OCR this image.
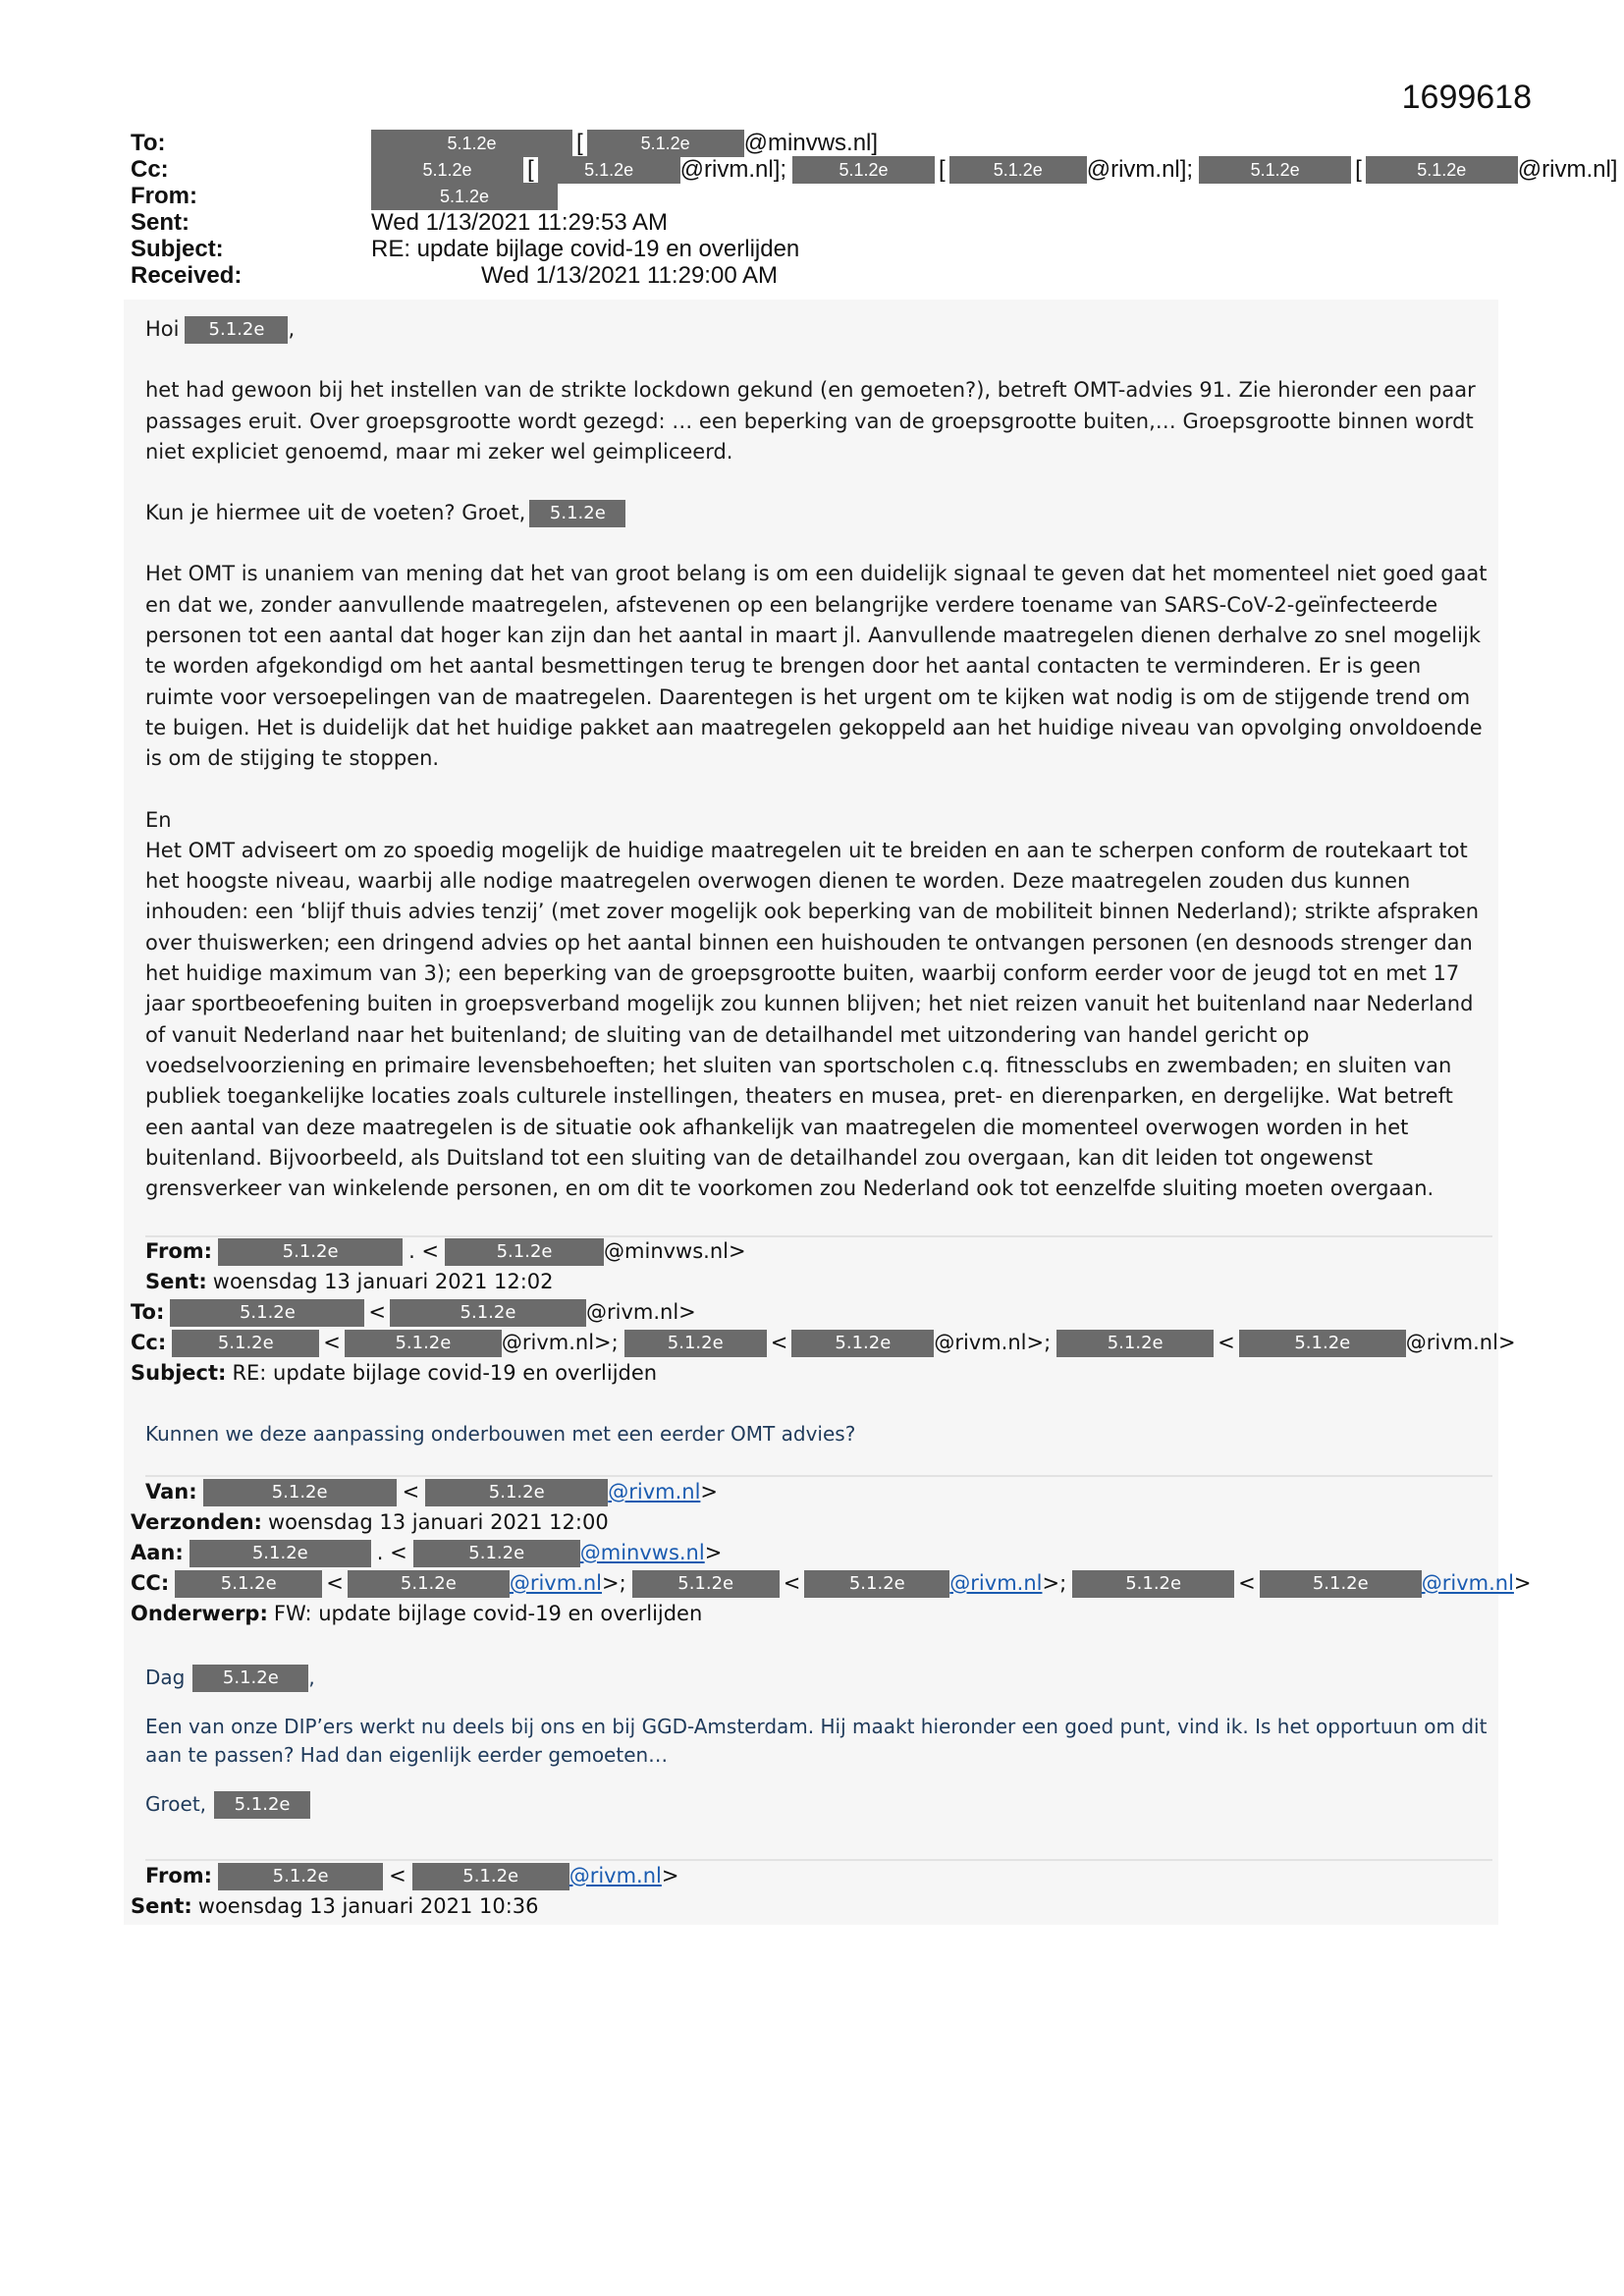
1699618
To:	5.1.2e	[	5.1.2e	@minvws.nl]
Cc:	5.1.2e	[	5.1.2e	@rivm.nl];	5.1.2e	[	5.1.2e	@rivm.nl];	5.1.2e	[	5.1.2e	@rivm.nl]
From:	5.1.2e
Sent:	Wed 1/13/2021 11:29:53 AM
Subject:	RE: update bijlage covid-19 en overlijden
Received:	Wed 1/13/2021 11:29:00 AM

Hoi	5.1.2e	,

het had gewoon bij het instellen van de strikte lockdown gekund (en gemoeten?), betreft OMT-advies 91. Zie hieronder een paar passages eruit. Over groepsgrootte wordt gezegd: … een beperking van de groepsgrootte buiten,… Groepsgrootte binnen wordt niet expliciet genoemd, maar mi zeker wel geimpliceerd.

Kun je hiermee uit de voeten? Groet,	5.1.2e

Het OMT is unaniem van mening dat het van groot belang is om een duidelijk signaal te geven dat het momenteel niet goed gaat en dat we, zonder aanvullende maatregelen, afstevenen op een belangrijke verdere toename van SARS-CoV-2-geïnfecteerde personen tot een aantal dat hoger kan zijn dan het aantal in maart jl. Aanvullende maatregelen dienen derhalve zo snel mogelijk te worden afgekondigd om het aantal besmettingen terug te brengen door het aantal contacten te verminderen. Er is geen ruimte voor versoepelingen van de maatregelen. Daarentegen is het urgent om te kijken wat nodig is om de stijgende trend om te buigen. Het is duidelijk dat het huidige pakket aan maatregelen gekoppeld aan het huidige niveau van opvolging onvoldoende is om de stijging te stoppen.

En

Het OMT adviseert om zo spoedig mogelijk de huidige maatregelen uit te breiden en aan te scherpen conform de routekaart tot het hoogste niveau, waarbij alle nodige maatregelen overwogen dienen te worden. Deze maatregelen zouden dus kunnen inhouden: een ‘blijf thuis advies tenzij’ (met zover mogelijk ook beperking van de mobiliteit binnen Nederland); strikte afspraken over thuiswerken; een dringend advies op het aantal binnen een huishouden te ontvangen personen (en desnoods strenger dan het huidige maximum van 3); een beperking van de groepsgrootte buiten, waarbij conform eerder voor de jeugd tot en met 17 jaar sportbeoefening buiten in groepsverband mogelijk zou kunnen blijven; het niet reizen vanuit het buitenland naar Nederland of vanuit Nederland naar het buitenland; de sluiting van de detailhandel met uitzondering van handel gericht op voedselvoorziening en primaire levensbehoeften; het sluiten van sportscholen c.q. fitnessclubs en zwembaden; en sluiten van publiek toegankelijke locaties zoals culturele instellingen, theaters en musea, pret- en dierenparken, en dergelijke. Wat betreft een aantal van deze maatregelen is de situatie ook afhankelijk van maatregelen die momenteel overwogen worden in het buitenland. Bijvoorbeeld, als Duitsland tot een sluiting van de detailhandel zou overgaan, kan dit leiden tot ongewenst grensverkeer van winkelende personen, en om dit te voorkomen zou Nederland ook tot eenzelfde sluiting moeten overgaan.

From:	5.1.2e	. <	5.1.2e	@minvws.nl>
Sent: woensdag 13 januari 2021 12:02
To:	5.1.2e	<	5.1.2e	@rivm.nl>
Cc:	5.1.2e	<	5.1.2e	@rivm.nl>;	5.1.2e	<	5.1.2e	@rivm.nl>;	5.1.2e	<	5.1.2e	@rivm.nl>
Subject: RE: update bijlage covid-19 en overlijden
Kunnen we deze aanpassing onderbouwen met een eerder OMT advies?
Van:	5.1.2e	<	5.1.2e	@rivm.nl >
Verzonden: woensdag 13 januari 2021 12:00
Aan:	5.1.2e	. <	5.1.2e	@minvws.nl >
CC:	5.1.2e	<	5.1.2e	@rivm.nl >;	5.1.2e	<	5.1.2e	@rivm.nl >;	5.1.2e	<	5.1.2e	@rivm.nl >
Onderwerp: FW: update bijlage covid-19 en overlijden

Dag	5.1.2e	,

Een van onze DIP’ers werkt nu deels bij ons en bij GGD-Amsterdam. Hij maakt hieronder een goed punt, vind ik. Is het opportuun om dit aan te passen? Had dan eigenlijk eerder gemoeten…

Groet,	5.1.2e

From:	5.1.2e	<	5.1.2e	@rivm.nl >
Sent: woensdag 13 januari 2021 10:36
